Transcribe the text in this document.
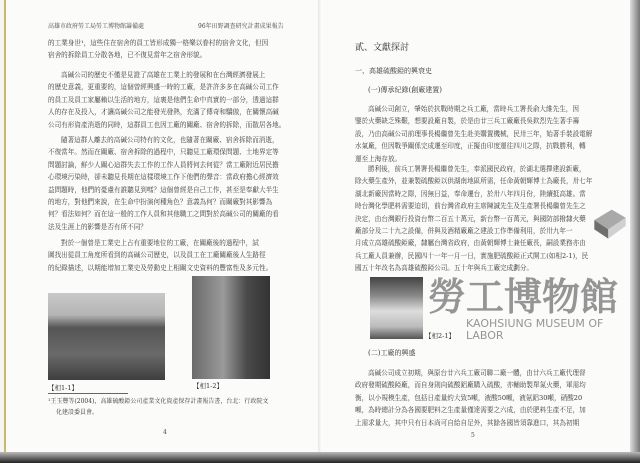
高雄市政府勞工局勞工博物館籌備處	96年田野調查研究計畫成果報告
的工業身世¹，這些住在宿舍的員工皆形成獨一格樂以眷村的宿舍文化，但因
宿舍的拆除員工分散各地，已不復見當年之宿舍形貌。
高碱公司的歷史不僅是見證了高雄在工業上的發展和在台灣經濟發展上
的歷史意義，更重要的，這個曾經興盛一時的工廠，是許許多多在高碱公司工作
的員工及員工家屬賴以生活的地方，這裏是他們生命中真實的一部分，透過這群
人的存在及投入，才讓高碱公司之能發光發熱，充滿了傳奇和驕傲，在關懷高碱
公司有形資產消逝的同時，這群員工也因工廠的關廠、宿舍的拆除，而散居各地。
隨著這群人離去的高碱公司特有的文化，也隨著在關廠、宿舍拆除而消逝，
不復當年。然而在關廠、宿舍拆除的過程中，只聽見工廠環保問題、土地界定等
問題討論，鮮少人關心這群失去工作的工作人員將何去何從？當工廠附近居民擔
心環境污染時，卻未聽見長期在這樣環境工作下他們的聲音：當政府擔心經濟效
益問題時，他們的憂慮有誰聽見到嗎？這個曾經是自己工作，甚至是奉獻大半生
的地方，對他們來說，在生命中扮演何種角色？意義為何？而關廠對其影響為
何？看法如何？而在這一般的工作人員和其他職工之間對於高碱公司的關廠的看
法及生涯上的影響是否有所不同？
對於一個曾是工業史上占有重要地位的工廠，在關廠後的過程中，試
圖找出從員工角度所看到的高碱公司歷史，以及員工在工廠關廠後人生路徑
的紀錄描述，以期能增加工業史及勞動史上相關文史資料的豐富性及多元性。
【相1-1】	【相1-2】
¹王玉豐等(2004)，高雄硫酸錏公司產業文化資產保存計畫報告書，台北：行政院文
化建設委員會。
4
貳、文獻探討
一、高雄硫酸錏的興衰史
(一)傳承紀錄(創廠建置)
高碱公司創立，肇始於抗戰時期之兵工廠，當時兵工署長俞大維先生，因
鑒於火藥缺乏殊艱，想要設廠自製，於是由廿三兵工廠廠長吳欽烈先生著手籌
設，乃由高碱公司前理事長楊繼曾先生赴美購置機械，民卅三年，始著手裝設電解
水氣廠，但因戰爭關係完成遷至印度，正擬由印度運往四川之際，抗戰勝利，轉
運至上海存放。
勝利後，前兵工署署長楊繼曾先生，奉派國民政府，於湖北選擇建設新廠，
除火藥生產外，並兼製硫酸錏以供湖南地區所需，任命黃朝輝博士為廠長，卅七年
湖北新廠因當時之際，因無日益，奉命遷台，於卅八年四月份，陸續抵高雄。當
時台灣化學肥料需要迫切，前台灣省政府主席陳誠先生及生產署長楊繼曾先生之
決定，由台灣銀行投資台幣二百五十萬元，新台幣一百萬元，與國防部撥隸火藥
廠部分及二十九之設備，併與及酒精廠廠之建設工作準備利用，於卅九年一
月成立高雄硫酸錏廠，隸屬台灣省政府，由黃朝輝博士兼任廠長，嗣設業務亦由
兵工廠人員兼辦，民國四十一年一月一日，實施肥硫酸錏正式開工(如相2-1)，民
國五十年改名為高雄硫酸錏公司。五十年與兵工廠完成劃分。
【相2-1】
(二)工廠的興盛
高碱公司成立初期，與原台廿六兵工廠司聯二廠一體，由廿六兵工廠代理督
政府發期硫酸錏廠，而自身則向硫酸鋁廠購入硫酸，亦輔助製單氮火藥，軍需均
衡，以小規模生產，包括日產量約大致5噸，液酸50噸，液氨鋁30噸，硝酸20
噸，為時總計分為各國要肥料之生產量僅達需要之六成，由於肥料生產不足，加
上需求量大，其中只有日本尚可自給自足外，其餘各國皆須靠進口，其為初期
5
勞工博物館
KAOHSIUNG MUSEUM OF LABOR
